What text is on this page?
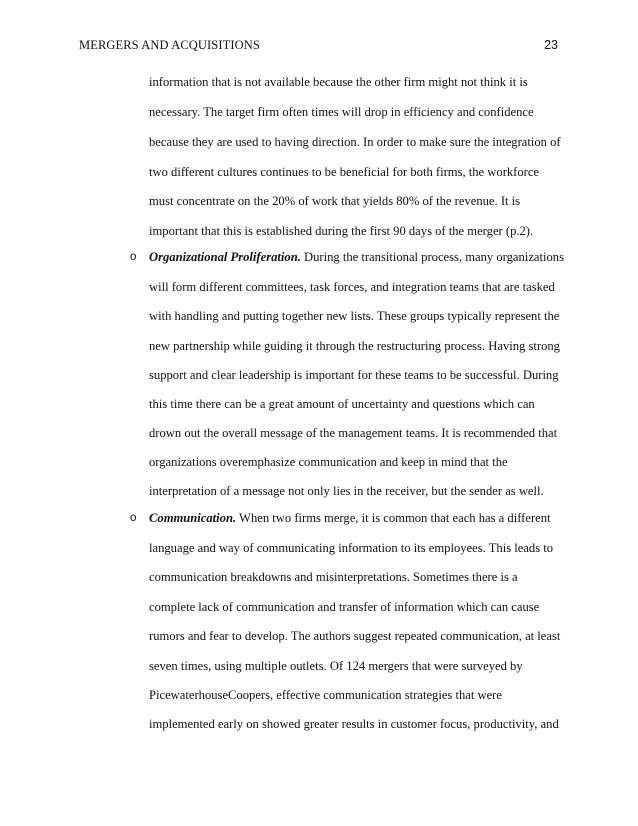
MERGERS AND ACQUISITIONS	23
information that is not available because the other firm might not think it is
necessary. The target firm often times will drop in efficiency and confidence
because they are used to having direction. In order to make sure the integration of
two different cultures continues to be beneficial for both firms, the workforce
must concentrate on the 20% of work that yields 80% of the revenue. It is
important that this is established during the first 90 days of the merger (p.2).
o Organizational Proliferation. During the transitional process, many organizations
will form different committees, task forces, and integration teams that are tasked
with handling and putting together new lists. These groups typically represent the
new partnership while guiding it through the restructuring process. Having strong
support and clear leadership is important for these teams to be successful. During
this time there can be a great amount of uncertainty and questions which can
drown out the overall message of the management teams. It is recommended that
organizations overemphasize communication and keep in mind that the
interpretation of a message not only lies in the receiver, but the sender as well.
o Communication. When two firms merge, it is common that each has a different
language and way of communicating information to its employees. This leads to
communication breakdowns and misinterpretations. Sometimes there is a
complete lack of communication and transfer of information which can cause
rumors and fear to develop. The authors suggest repeated communication, at least
seven times, using multiple outlets. Of 124 mergers that were surveyed by
PicewaterhouseCoopers, effective communication strategies that were
implemented early on showed greater results in customer focus, productivity, and
